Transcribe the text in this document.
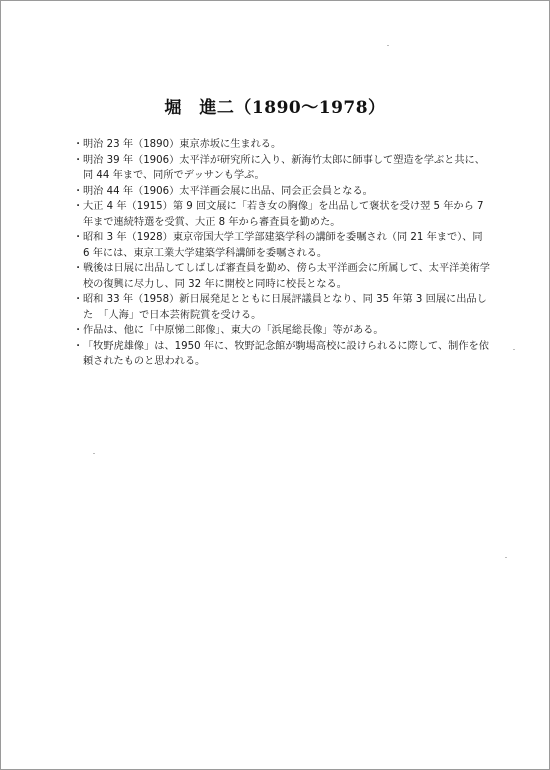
堀　進二（1890〜1978）
・ 明治 23 年（1890）東京赤坂に生まれる。
・ 明治 39 年（1906）太平洋が研究所に入り、新海竹太郎に師事して塑造を学ぶと共に、同 44 年まで、同所でデッサンも学ぶ。
・ 明治 44 年（1906）太平洋画会展に出品、同会正会員となる。
・ 大正 4 年（1915）第 9 回文展に「若き女の胸像」を出品して褒状を受け翌 5 年から 7 年まで連続特選を受賞、大正 8 年から審査員を勤めた。
・ 昭和 3 年（1928）東京帝国大学工学部建築学科の講師を委嘱され（同 21 年まで）、同 6 年には、東京工業大学建築学科講師を委嘱される。
・ 戦後は日展に出品してしばしば審査員を勤め、傍ら太平洋画会に所属して、太平洋美術学校の復興に尽力し、同 32 年に開校と同時に校長となる。
・ 昭和 33 年（1958）新日展発足とともに日展評議員となり、同 35 年第 3 回展に出品した　「人海」で日本芸術院賞を受ける。
・ 作品は、他に「中原悌二郎像」、東大の「浜尾総長像」等がある。
・ 「牧野虎雄像」は、1950 年に、牧野記念館が駒場高校に設けられるに際して、制作を依頼されたものと思われる。
